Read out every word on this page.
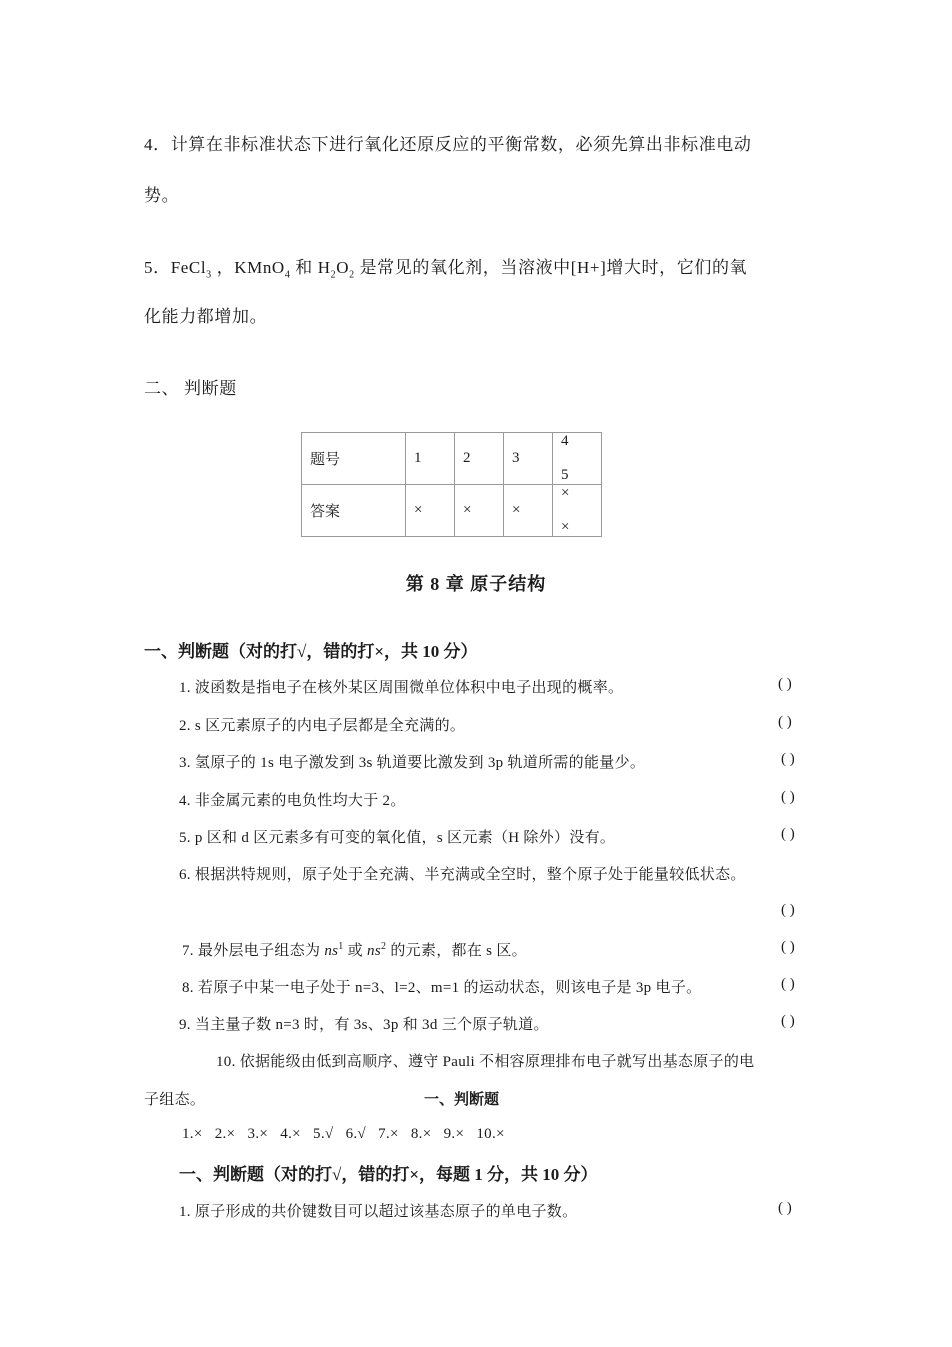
4．计算在非标准状态下进行氧化还原反应的平衡常数，必须先算出非标准电动
势。
5．FeCl$_3$ ，KMnO$_4$ 和 $H_2O_2$ 是常见的氧化剂，当溶液中[H+]增大时，它们的氧
化能力都增加。
二、 判断题
题号	1	2	3	45
答案	×	×	×	××
第 8 章 原子结构
一、判断题（对的打√，错的打×，共 10 分）
1. 波函数是指电子在核外某区周围微单位体积中电子出现的概率。	( )
2. s 区元素原子的内电子层都是全充满的。	( )
3. 氢原子的 1s 电子激发到 3s 轨道要比激发到 3p 轨道所需的能量少。	( )
4. 非金属元素的电负性均大于 2。	( )
5. p 区和 d 区元素多有可变的氧化值，s 区元素（H 除外）没有。	( )
6. 根据洪特规则，原子处于全充满、半充满或全空时，整个原子处于能量较低状态。
( )
7. 最外层电子组态为 $ns^1$ 或 $ns^2$ 的元素，都在 s 区。	( )
8. 若原子中某一电子处于 n=3、l=2、m=1 的运动状态，则该电子是 3p 电子。	( )
9. 当主量子数 n=3 时，有 3s、3p 和 3d 三个原子轨道。	( )
10. 依据能级由低到高顺序、遵守 Pauli 不相容原理排布电子就写出基态原子的电
子组态。	一、判断题
1.×   2.×   3.×   4.×   5.√   6.√   7.×   8.×   9.×   10.×
一、判断题（对的打√，错的打×，每题 1 分，共 10 分）
1. 原子形成的共价键数目可以超过该基态原子的单电子数。	( )
